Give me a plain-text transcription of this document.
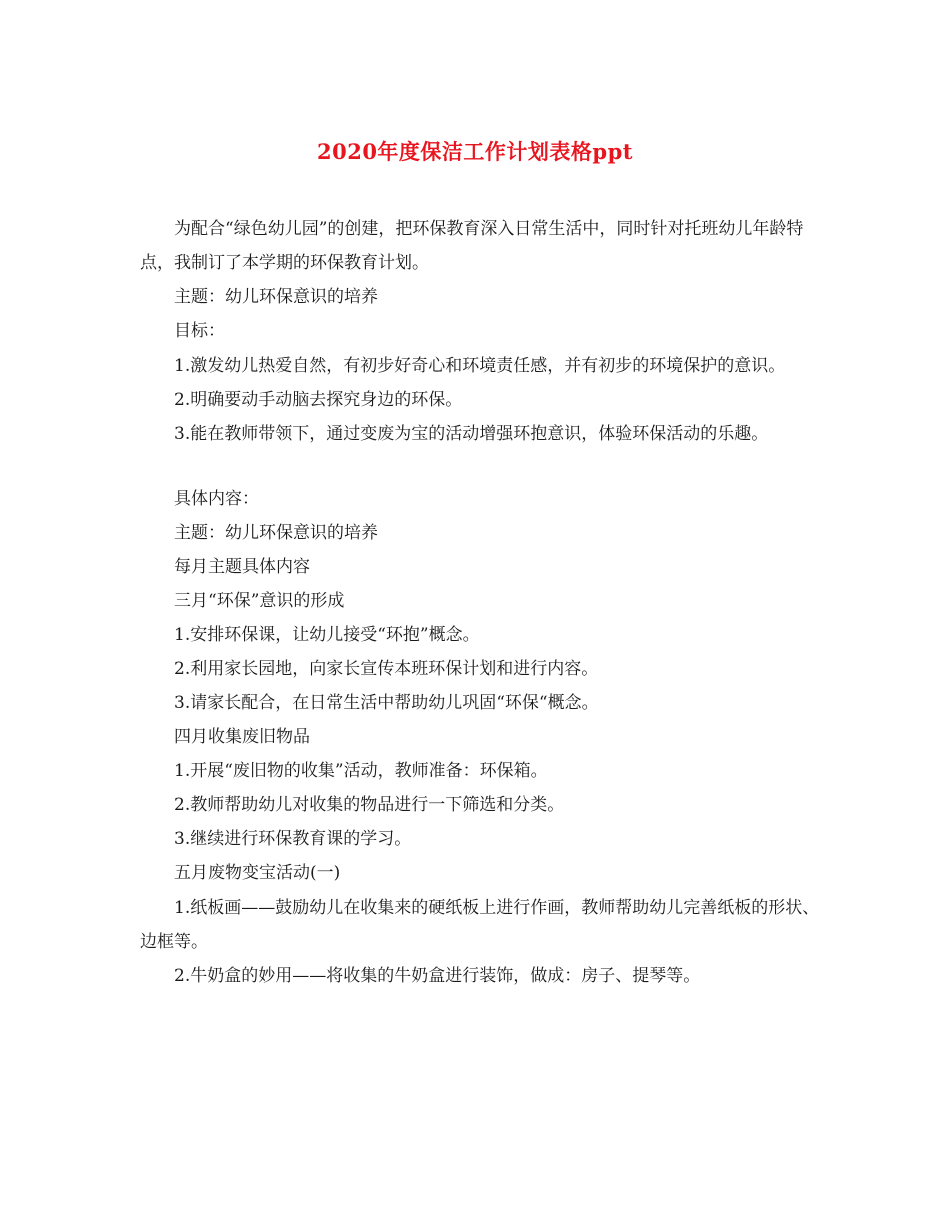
2020年度保洁工作计划表格ppt
为配合“绿色幼儿园”的创建，把环保教育深入日常生活中，同时针对托班幼儿年龄特点，我制订了本学期的环保教育计划。
主题：幼儿环保意识的培养
目标：
1.激发幼儿热爱自然，有初步好奇心和环境责任感，并有初步的环境保护的意识。
2.明确要动手动脑去探究身边的环保。
3.能在教师带领下，通过变废为宝的活动增强环抱意识，体验环保活动的乐趣。
具体内容：
主题：幼儿环保意识的培养
每月主题具体内容
三月“环保”意识的形成
1.安排环保课，让幼儿接受“环抱”概念。
2.利用家长园地，向家长宣传本班环保计划和进行内容。
3.请家长配合，在日常生活中帮助幼儿巩固“环保“概念。
四月收集废旧物品
1.开展“废旧物的收集”活动，教师准备：环保箱。
2.教师帮助幼儿对收集的物品进行一下筛选和分类。
3.继续进行环保教育课的学习。
五月废物变宝活动(一)
1.纸板画——鼓励幼儿在收集来的硬纸板上进行作画，教师帮助幼儿完善纸板的形状、边框等。
2.牛奶盒的妙用——将收集的牛奶盒进行装饰，做成：房子、提琴等。
